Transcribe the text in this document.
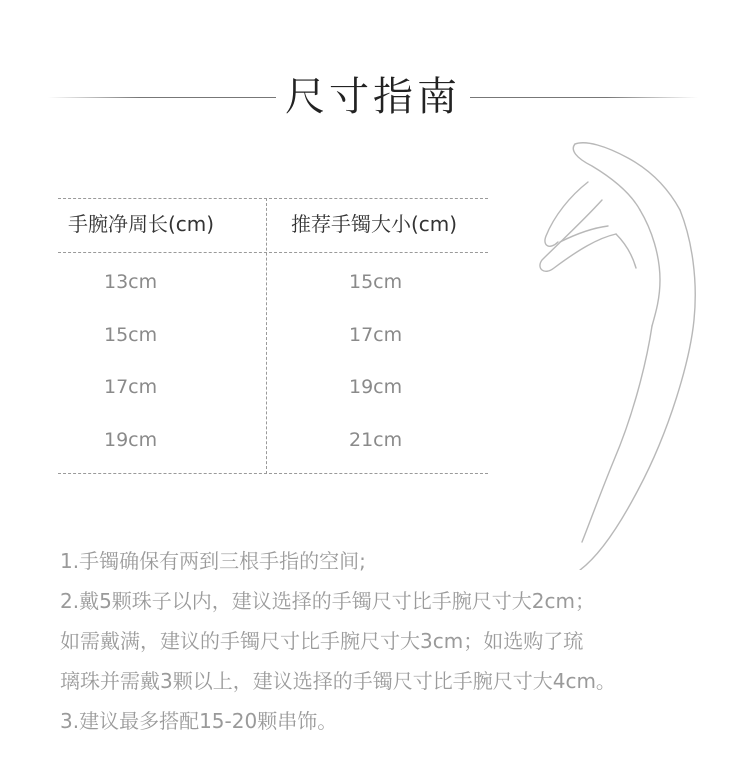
尺寸指南
手腕净周长(cm)	推荐手镯大小(cm)
13cm	15cm
15cm	17cm
17cm	19cm
19cm	21cm
1.手镯确保有两到三根手指的空间;
2.戴5颗珠子以内，建议选择的手镯尺寸比手腕尺寸大2cm；
如需戴满，建议的手镯尺寸比手腕尺寸大3cm；如选购了琉
璃珠并需戴3颗以上，建议选择的手镯尺寸比手腕尺寸大4cm。
3.建议最多搭配15-20颗串饰。
